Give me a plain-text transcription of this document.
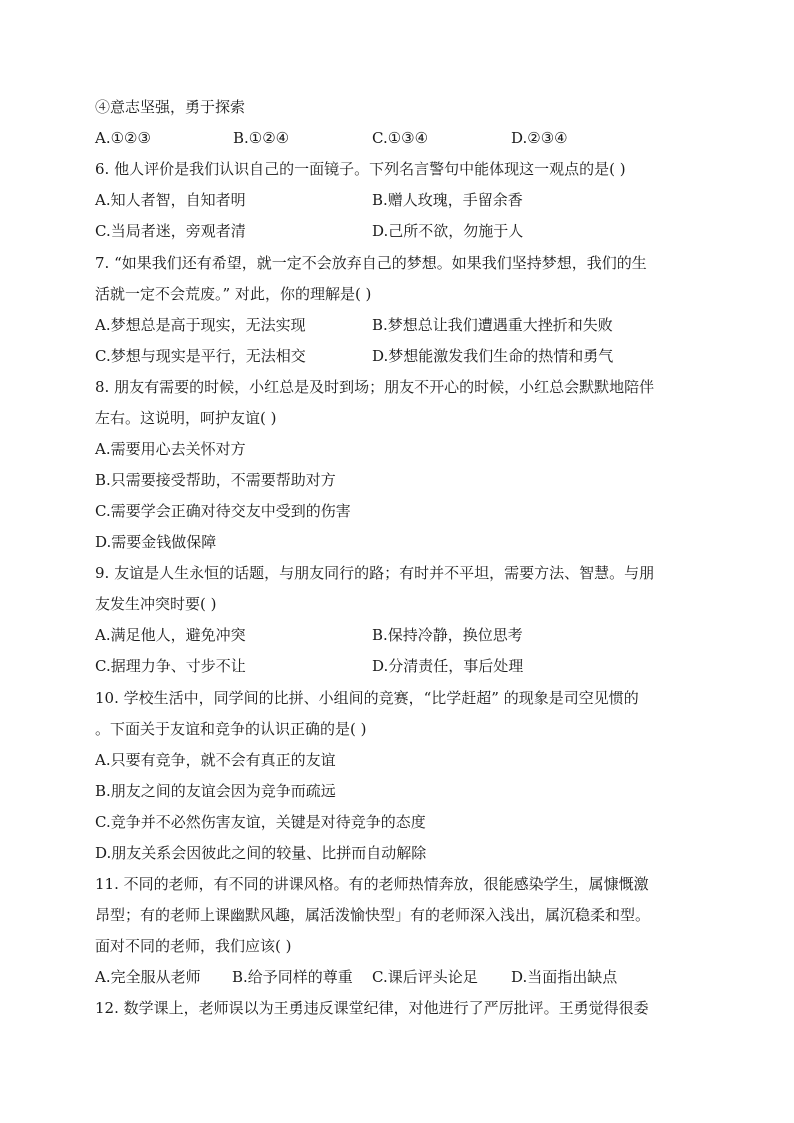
④意志坚强，勇于探索
A.①②③	B.①②④	C.①③④	D.②③④
6. 他人评价是我们认识自己的一面镜子。下列名言警句中能体现这一观点的是( )
A.知人者智，自知者明	B.赠人玫瑰，手留余香
C.当局者迷，旁观者清	D.己所不欲，勿施于人
7. “如果我们还有希望，就一定不会放弃自己的梦想。如果我们坚持梦想，我们的生
活就一定不会荒废。” 对此，你的理解是( )
A.梦想总是高于现实，无法实现	B.梦想总让我们遭遇重大挫折和失败
C.梦想与现实是平行，无法相交	D.梦想能激发我们生命的热情和勇气
8. 朋友有需要的时候，小红总是及时到场；朋友不开心的时候，小红总会默默地陪伴
左右。这说明，呵护友谊( )
A.需要用心去关怀对方
B.只需要接受帮助，不需要帮助对方
C.需要学会正确对待交友中受到的伤害
D.需要金钱做保障
9. 友谊是人生永恒的话题，与朋友同行的路；有时并不平坦，需要方法、智慧。与朋
友发生冲突时要( )
A.满足他人，避免冲突	B.保持冷静，换位思考
C.据理力争、寸步不让	D.分清责任，事后处理
10. 学校生活中，同学间的比拼、小组间的竞赛，“比学赶超” 的现象是司空见惯的
。下面关于友谊和竞争的认识正确的是( )
A.只要有竞争，就不会有真正的友谊
B.朋友之间的友谊会因为竞争而疏远
C.竞争并不必然伤害友谊，关键是对待竞争的态度
D.朋友关系会因彼此之间的较量、比拼而自动解除
11. 不同的老师，有不同的讲课风格。有的老师热情奔放，很能感染学生，属慷慨激
昂型；有的老师上课幽默风趣，属活泼愉快型」有的老师深入浅出，属沉稳柔和型。
面对不同的老师，我们应该( )
A.完全服从老师 B.给予同样的尊重 C.课后评头论足 D.当面指出缺点
12. 数学课上，老师误以为王勇违反课堂纪律，对他进行了严厉批评。王勇觉得很委
